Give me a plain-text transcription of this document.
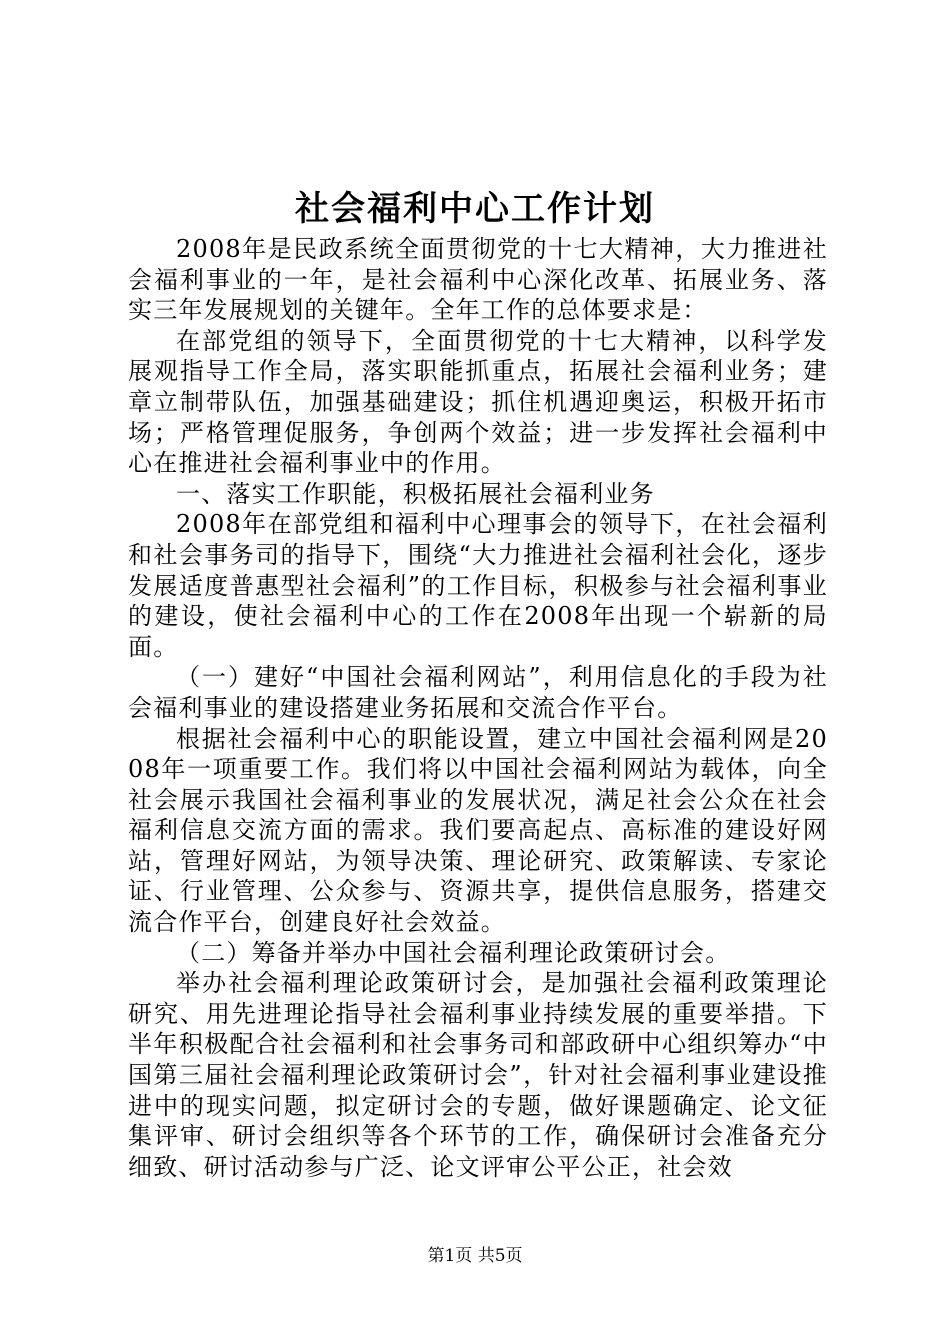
社会福利中心工作计划

2008年是民政系统全面贯彻党的十七大精神，大力推进社会福利事业的一年，是社会福利中心深化改革、拓展业务、落实三年发展规划的关键年。全年工作的总体要求是：

在部党组的领导下，全面贯彻党的十七大精神，以科学发展观指导工作全局，落实职能抓重点，拓展社会福利业务；建章立制带队伍，加强基础建设；抓住机遇迎奥运，积极开拓市场；严格管理促服务，争创两个效益；进一步发挥社会福利中心在推进社会福利事业中的作用。

一、落实工作职能，积极拓展社会福利业务

2008年在部党组和福利中心理事会的领导下，在社会福利和社会事务司的指导下，围绕“大力推进社会福利社会化，逐步发展适度普惠型社会福利”的工作目标，积极参与社会福利事业的建设，使社会福利中心的工作在2008年出现一个崭新的局面。

（一）建好“中国社会福利网站”，利用信息化的手段为社会福利事业的建设搭建业务拓展和交流合作平台。

根据社会福利中心的职能设置，建立中国社会福利网是2008年一项重要工作。我们将以中国社会福利网站为载体，向全社会展示我国社会福利事业的发展状况，满足社会公众在社会福利信息交流方面的需求。我们要高起点、高标准的建设好网站，管理好网站，为领导决策、理论研究、政策解读、专家论证、行业管理、公众参与、资源共享，提供信息服务，搭建交流合作平台，创建良好社会效益。

（二）筹备并举办中国社会福利理论政策研讨会。

举办社会福利理论政策研讨会，是加强社会福利政策理论研究、用先进理论指导社会福利事业持续发展的重要举措。下半年积极配合社会福利和社会事务司和部政研中心组织筹办“中国第三届社会福利理论政策研讨会”，针对社会福利事业建设推进中的现实问题，拟定研讨会的专题，做好课题确定、论文征集评审、研讨会组织等各个环节的工作，确保研讨会准备充分细致、研讨活动参与广泛、论文评审公平公正，社会效

第1页 共5页
